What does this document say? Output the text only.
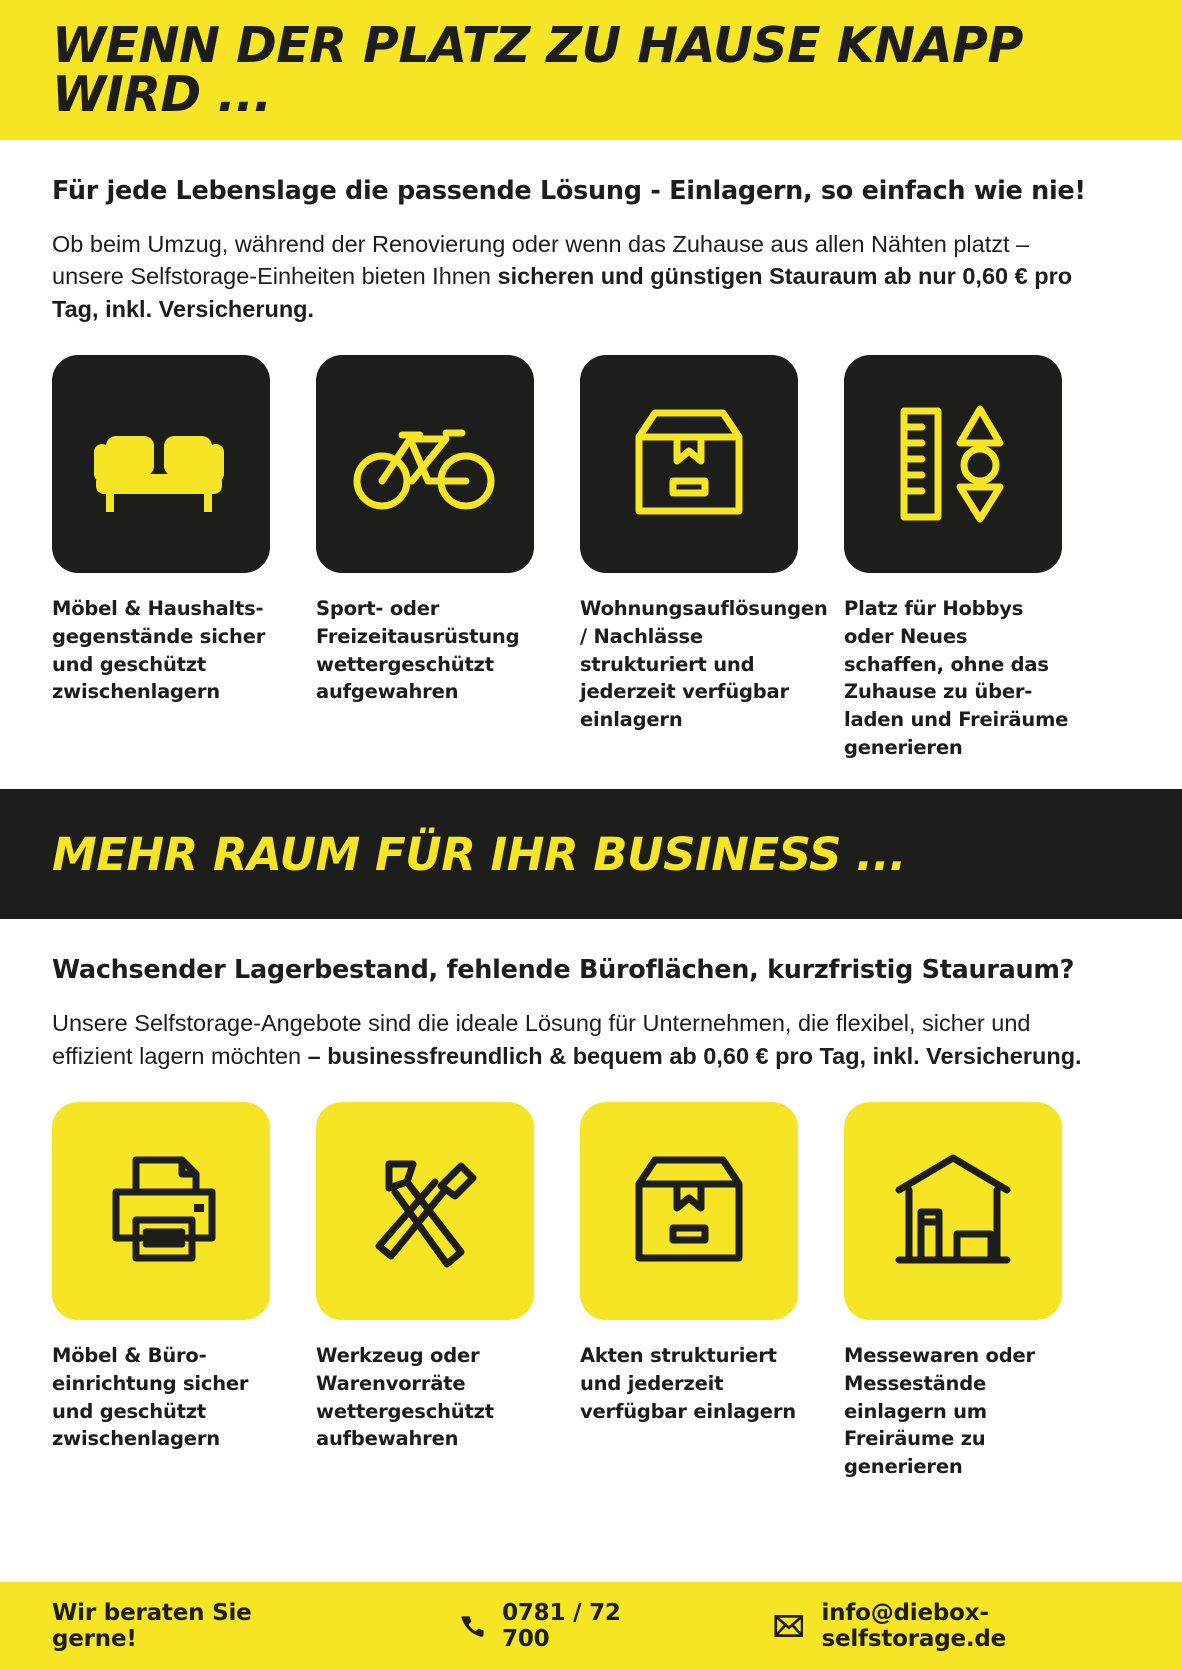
WENN DER PLATZ ZU HAUSE KNAPP WIRD ...
Für jede Lebenslage die passende Lösung - Einlagern, so einfach wie nie!
Ob beim Umzug, während der Renovierung oder wenn das Zuhause aus allen Nähten platzt – unsere Selfstorage-Einheiten bieten Ihnen sicheren und günstigen Stauraum ab nur 0,60 € pro Tag, inkl. Versicherung.
Möbel & Haushalts-gegenstände sicher und geschützt zwischenlagern
Sport- oder Freizeitausrüstung wettergeschützt aufgewahren
Wohnungsauflösungen / Nachlässe strukturiert und jederzeit verfügbar einlagern
Platz für Hobbys oder Neues schaffen, ohne das Zuhause zu über-laden und Freiräume generieren
MEHR RAUM FÜR IHR BUSINESS ...
Wachsender Lagerbestand, fehlende Büroflächen, kurzfristig Stauraum?
Unsere Selfstorage-Angebote sind die ideale Lösung für Unternehmen, die flexibel, sicher und effizient lagern möchten – businessfreundlich & bequem ab 0,60 € pro Tag, inkl. Versicherung.
Möbel & Büro-einrichtung sicher und geschützt zwischenlagern
Werkzeug oder Warenvorräte wettergeschützt aufbewahren
Akten strukturiert und jederzeit verfügbar einlagern
Messewaren oder Messestände einlagern um Freiräume zu generieren
Wir beraten Sie gerne!
0781 / 72 700
info@diebox-selfstorage.de
